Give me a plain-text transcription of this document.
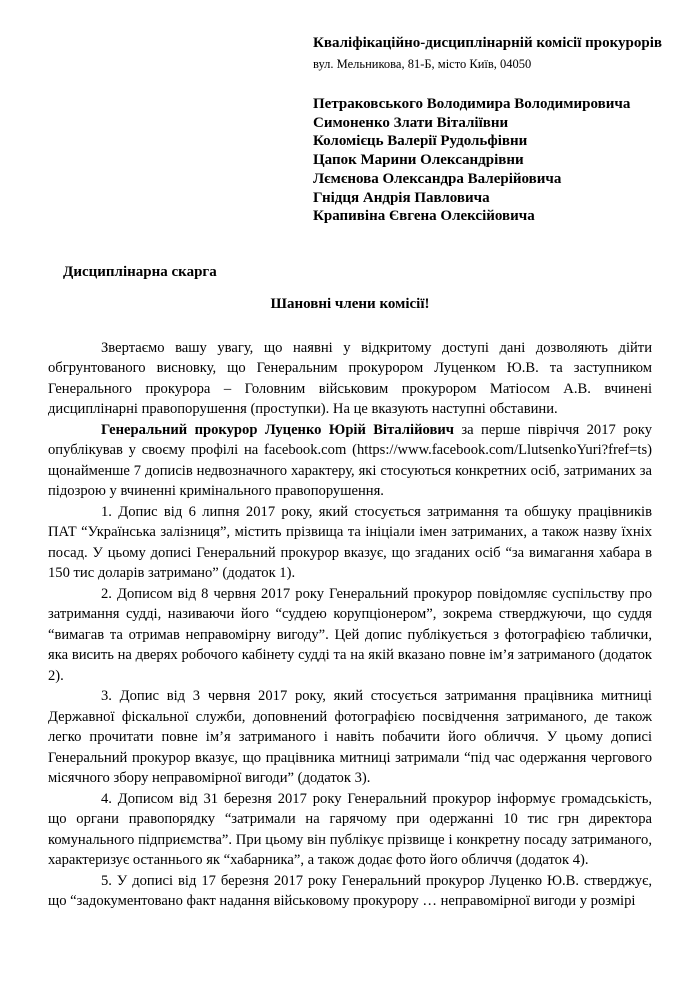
Кваліфікаційно-дисциплінарній комісії прокурорів
вул. Мельникова, 81-Б, місто Київ, 04050
Петраковського Володимира Володимировича
Симоненко Злати Віталіївни
Коломієць Валерії Рудольфівни
Цапок Марини Олександрівни
Лємєнова Олександра Валерійовича
Гнідця Андрія Павловича
Крапивіна Євгена Олексійовича
Дисциплінарна скарга
Шановні члени комісії!

Звертаємо вашу увагу, що наявні у відкритому доступі дані дозволяють дійти обгрунтованого висновку, що Генеральним прокурором Луценком Ю.В. та заступником Генерального прокурора – Головним військовим прокурором Матіосом А.В. вчинені дисциплінарні правопорушення (проступки). На це вказують наступні обставини.

Генеральний прокурор Луценко Юрій Віталійович за перше півріччя 2017 року опублікував у своєму профілі на facebook.com (https://www.facebook.com/LlutsenkoYuri?fref=ts) щонайменше 7 дописів недвозначного характеру, які стосуються конкретних осіб, затриманих за підозрою у вчиненні кримінального правопорушення.

1. Допис від 6 липня 2017 року, який стосується затримання та обшуку працівників ПАТ “Українська залізниця”, містить прізвища та ініціали імен затриманих, а також назву їхніх посад. У цьому дописі Генеральний прокурор вказує, що згаданих осіб “за вимагання хабара в 150 тис доларів затримано” (додаток 1).

2. Дописом від 8 червня 2017 року Генеральний прокурор повідомляє суспільству про затримання судді, називаючи його “суддею корупціонером”, зокрема стверджуючи, що суддя “вимагав та отримав неправомірну вигоду”. Цей допис публікується з фотографією таблички, яка висить на дверях робочого кабінету судді та на якій вказано повне ім’я затриманого (додаток 2).

3. Допис від 3 червня 2017 року, який стосується затримання працівника митниці Державної фіскальної служби, доповнений фотографією посвідчення затриманого, де також легко прочитати повне ім’я затриманого і навіть побачити його обличчя. У цьому дописі Генеральний прокурор вказує, що працівника митниці затримали “під час одержання чергового місячного збору неправомірної вигоди” (додаток 3).

4. Дописом від 31 березня 2017 року Генеральний прокурор інформує громадськість, що органи правопорядку “затримали на гарячому при одержанні 10 тис грн директора комунального підприємства”. При цьому він публікує прізвище і конкретну посаду затриманого, характеризує останнього як “хабарника”, а також додає фото його обличчя (додаток 4).

5. У дописі від 17 березня 2017 року Генеральний прокурор Луценко Ю.В. стверджує, що “задокументовано факт надання військовому прокурору … неправомірної вигоди у розмірі
